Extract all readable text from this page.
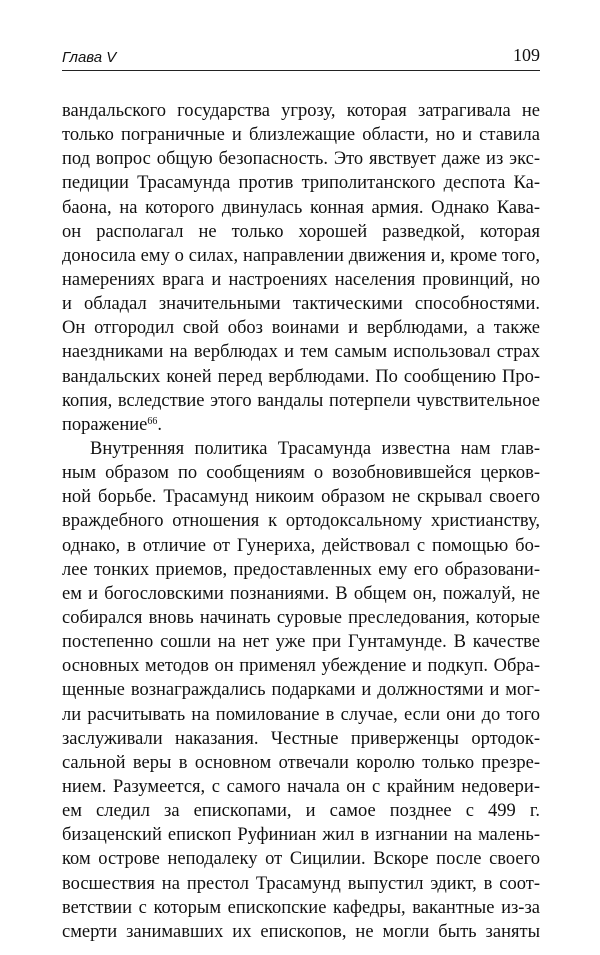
Глава V	109
вандальского государства угрозу, которая затрагивала не
только пограничные и близлежащие области, но и ставила
под вопрос общую безопасность. Это явствует даже из экс-
педиции Трасамунда против триполитанского деспота Ка-
баона, на которого двинулась конная армия. Однако Кава-
он располагал не только хорошей разведкой, которая
доносила ему о силах, направлении движения и, кроме того,
намерениях врага и настроениях населения провинций, но
и обладал значительными тактическими способностями.
Он отгородил свой обоз воинами и верблюдами, а также
наездниками на верблюдах и тем самым использовал страх
вандальских коней перед верблюдами. По сообщению Про-
копия, вследствие этого вандалы потерпели чувствительное
поражение$^{66}$.
Внутренняя политика Трасамунда известна нам глав-
ным образом по сообщениям о возобновившейся церков-
ной борьбе. Трасамунд никоим образом не скрывал своего
враждебного отношения к ортодоксальному христианству,
однако, в отличие от Гунериха, действовал с помощью бо-
лее тонких приемов, предоставленных ему его образовани-
ем и богословскими познаниями. В общем он, пожалуй, не
собирался вновь начинать суровые преследования, которые
постепенно сошли на нет уже при Гунтамунде. В качестве
основных методов он применял убеждение и подкуп. Обра-
щенные вознаграждались подарками и должностями и мог-
ли расчитывать на помилование в случае, если они до того
заслуживали наказания. Честные приверженцы ортодок-
сальной веры в основном отвечали королю только презре-
нием. Разумеется, с самого начала он с крайним недовери-
ем следил за епископами, и самое позднее с 499 г.
бизаценский епископ Руфиниан жил в изгнании на малень-
ком острове неподалеку от Сицилии. Вскоре после своего
восшествия на престол Трасамунд выпустил эдикт, в соот-
ветствии с которым епископские кафедры, вакантные из-за
смерти занимавших их епископов, не могли быть заняты
